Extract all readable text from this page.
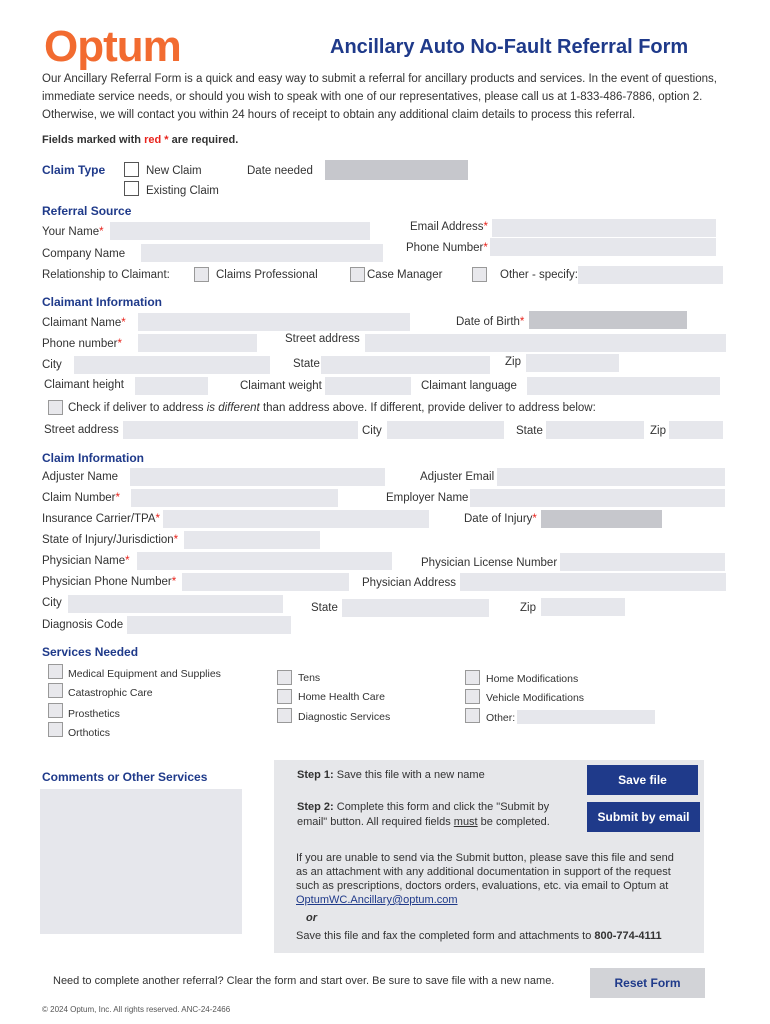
Optum	Ancillary Auto No-Fault Referral Form
Our Ancillary Referral Form is a quick and easy way to submit a referral for ancillary products and services. In the event of questions,
immediate service needs, or should you wish to speak with one of our representatives, please call us at 1-833-486-7886, option 2.
Otherwise, we will contact you within 24 hours of receipt to obtain any additional claim details to process this referral.
Fields marked with red * are required.
Claim Type	New Claim
Existing Claim
Date needed
Referral Source
Your Name*	Email Address*
Company Name	Phone Number*
Relationship to Claimant:	Claims Professional	Case Manager	Other - specify:
Claimant Information
Claimant Name*	Date of Birth*
Phone number*	Street address
City	State	Zip
Claimant height	Claimant weight	Claimant language
Check if deliver to address is different than address above. If different, provide deliver to address below:
Street address	City	State	Zip
Claim Information
Adjuster Name	Adjuster Email
Claim Number*	Employer Name
Insurance Carrier/TPA*	Date of Injury*
State of Injury/Jurisdiction*
Physician Name*	Physician License Number
Physician Phone Number*	Physician Address
City	State	Zip
Diagnosis Code
Services Needed
Medical Equipment and Supplies
Catastrophic Care
Prosthetics
Orthotics
Tens
Home Health Care
Diagnostic Services
Home Modifications
Vehicle Modifications
Other:
Comments or Other Services	Step 1: Save this file with a new name	Save file
Step 2: Complete this form and click the "Submit by
email" button. All required fields must be completed.	Submit by email
If you are unable to send via the Submit button, please save this file and send
as an attachment with any additional documentation in support of the request
such as prescriptions, doctors orders, evaluations, etc. via email to Optum at
OptumWC.Ancillary@optum.com
or
Save this file and fax the completed form and attachments to 800-774-4111
Need to complete another referral? Clear the form and start over. Be sure to save file with a new name.	Reset Form
© 2024 Optum, Inc. All rights reserved. ANC-24-2466
